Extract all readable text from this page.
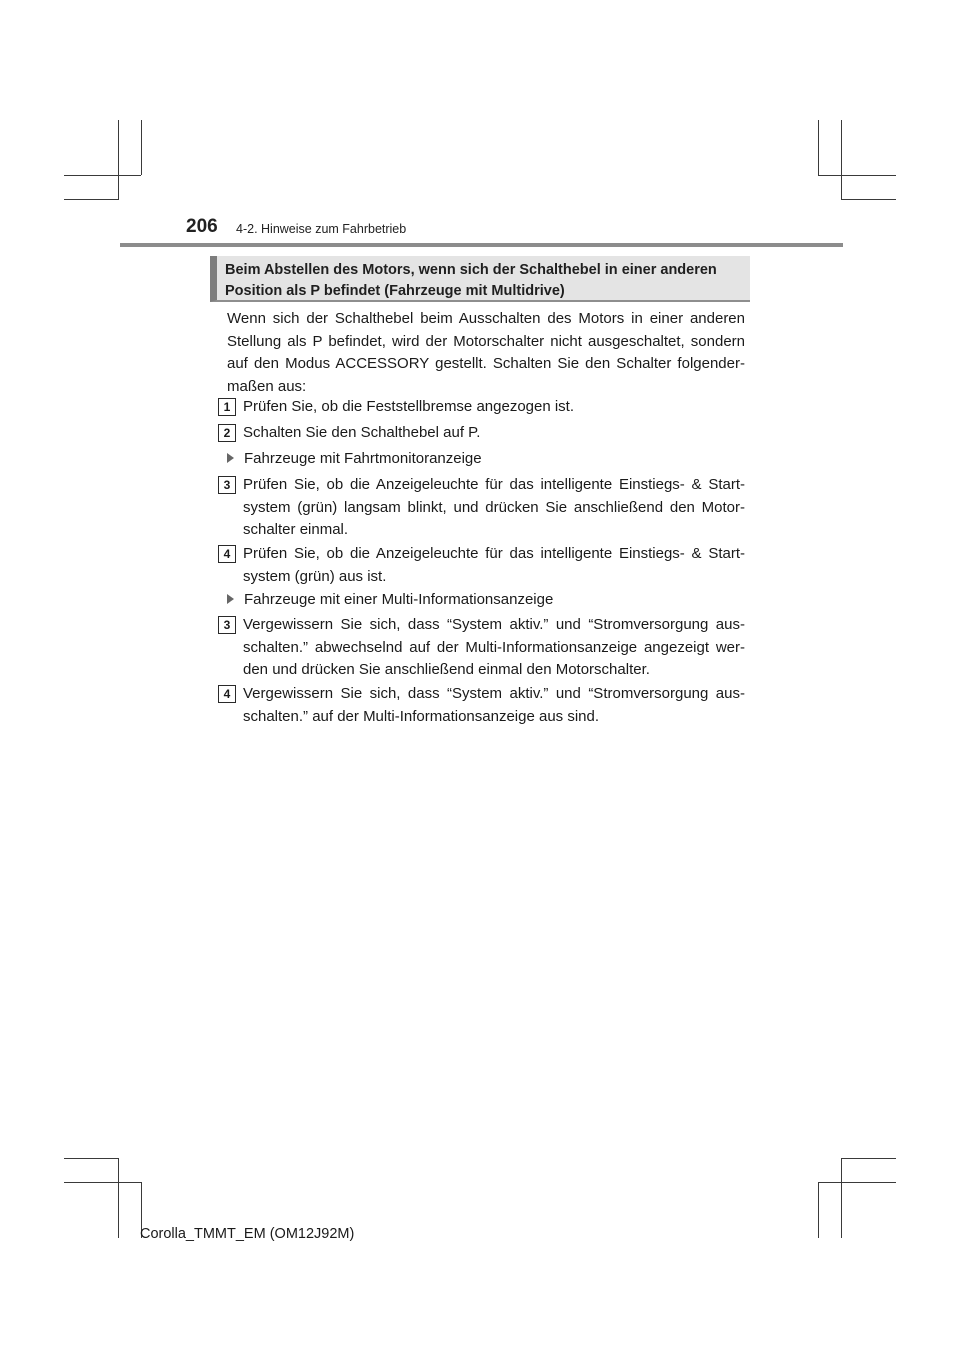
206 4-2. Hinweise zum Fahrbetrieb
Beim Abstellen des Motors, wenn sich der Schalthebel in einer anderen
Position als P befindet (Fahrzeuge mit Multidrive)

Wenn sich der Schalthebel beim Ausschalten des Motors in einer anderen Stellung als P befindet, wird der Motorschalter nicht ausgeschaltet, sondern auf den Modus ACCESSORY gestellt. Schalten Sie den Schalter folgendermaßen aus:

1 Prüfen Sie, ob die Feststellbremse angezogen ist.

2 Schalten Sie den Schalthebel auf P.

Fahrzeuge mit Fahrtmonitoranzeige
3 Prüfen Sie, ob die Anzeigeleuchte für das intelligente Einstiegs- & Startsystem (grün) langsam blinkt, und drücken Sie anschließend den Motorschalter einmal.

4 Prüfen Sie, ob die Anzeigeleuchte für das intelligente Einstiegs- & Startsystem (grün) aus ist.

Fahrzeuge mit einer Multi-Informationsanzeige
3 Vergewissern Sie sich, dass “System aktiv.” und “Stromversorgung ausschalten.” abwechselnd auf der Multi-Informationsanzeige angezeigt werden und drücken Sie anschließend einmal den Motorschalter.

4 Vergewissern Sie sich, dass “System aktiv.” und “Stromversorgung ausschalten.” auf der Multi-Informationsanzeige aus sind.

Corolla_TMMT_EM (OM12J92M)
